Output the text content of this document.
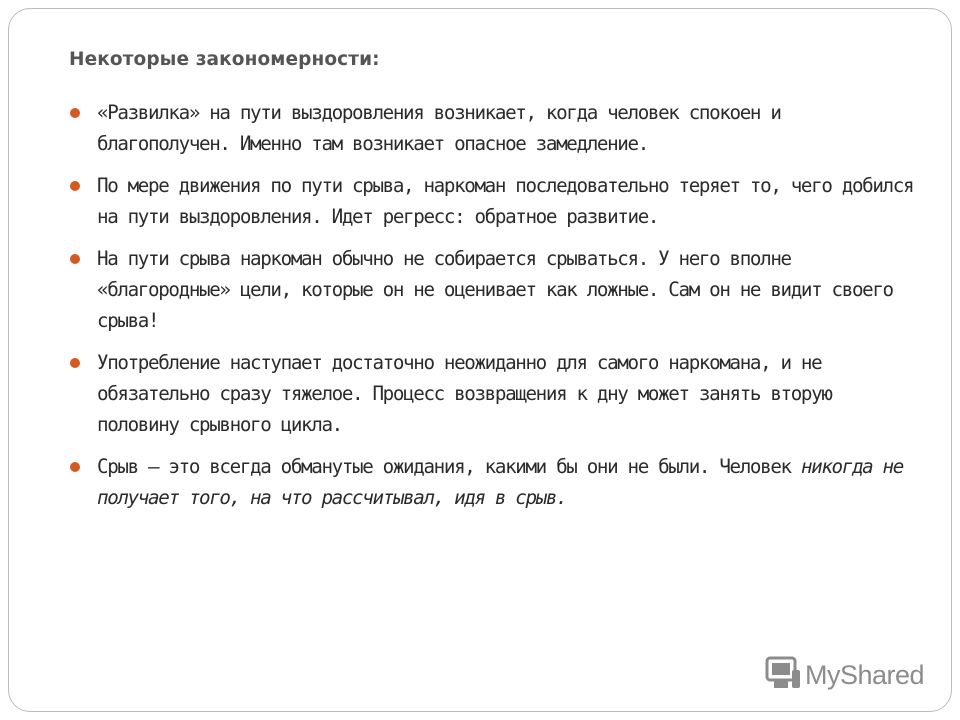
Некоторые закономерности:
«Развилка» на пути выздоровления возникает, когда человек спокоен и благополучен. Именно там возникает опасное замедление.
По мере движения по пути срыва, наркоман последовательно теряет то, чего добился на пути выздоровления. Идет регресс: обратное развитие.
На пути срыва наркоман обычно не собирается срываться. У него вполне «благородные» цели, которые он не оценивает как ложные. Сам он не видит своего срыва!
Употребление наступает достаточно неожиданно для самого наркомана, и не обязательно сразу тяжелое. Процесс возвращения к дну может занять вторую половину срывного цикла.
Срыв – это всегда обманутые ожидания, какими бы они не были. Человек никогда не получает того, на что рассчитывал, идя в срыв.
MyShared
